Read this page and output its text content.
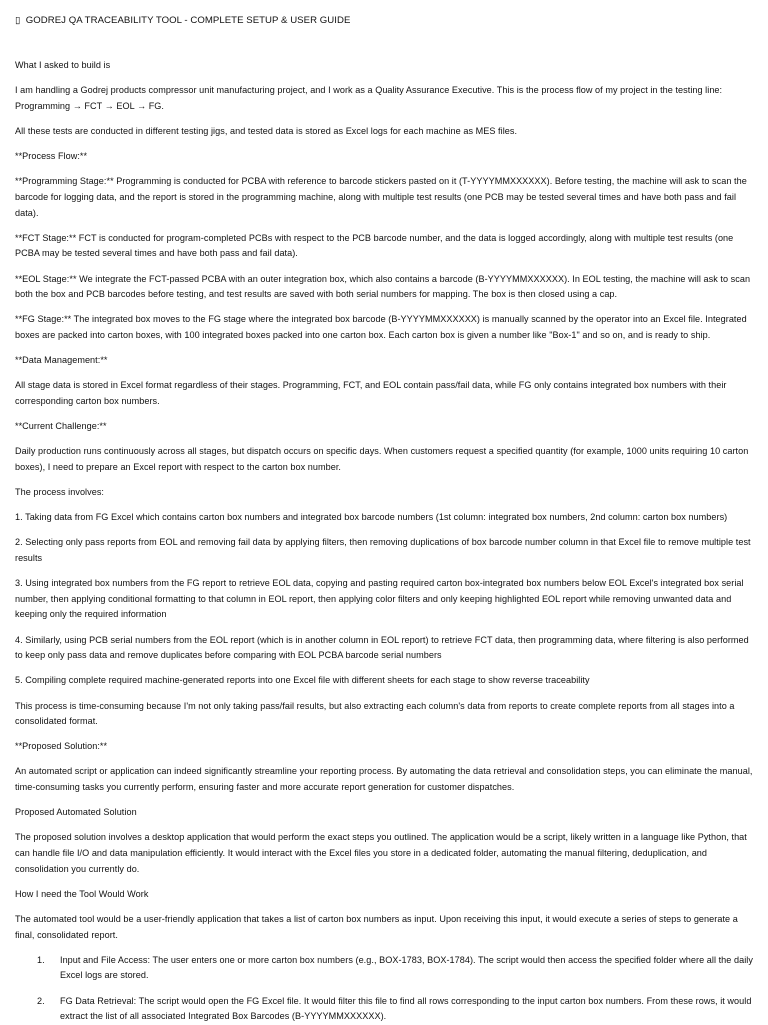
▯ GODREJ QA TRACEABILITY TOOL - COMPLETE SETUP & USER GUIDE

What I asked to build is

I am handling a Godrej products compressor unit manufacturing project, and I work as a Quality Assurance Executive. This is the process flow of my project in the testing line: Programming → FCT → EOL → FG.

All these tests are conducted in different testing jigs, and tested data is stored as Excel logs for each machine as MES files.

**Process Flow:**

**Programming Stage:** Programming is conducted for PCBA with reference to barcode stickers pasted on it (T-YYYYMMXXXXXX). Before testing, the machine will ask to scan the barcode for logging data, and the report is stored in the programming machine, along with multiple test results (one PCB may be tested several times and have both pass and fail data).

**FCT Stage:** FCT is conducted for program-completed PCBs with respect to the PCB barcode number, and the data is logged accordingly, along with multiple test results (one PCBA may be tested several times and have both pass and fail data).

**EOL Stage:** We integrate the FCT-passed PCBA with an outer integration box, which also contains a barcode (B-YYYYMMXXXXXX). In EOL testing, the machine will ask to scan both the box and PCB barcodes before testing, and test results are saved with both serial numbers for mapping. The box is then closed using a cap.

**FG Stage:** The integrated box moves to the FG stage where the integrated box barcode (B-YYYYMMXXXXXX) is manually scanned by the operator into an Excel file. Integrated boxes are packed into carton boxes, with 100 integrated boxes packed into one carton box. Each carton box is given a number like "Box-1" and so on, and is ready to ship.

**Data Management:**

All stage data is stored in Excel format regardless of their stages. Programming, FCT, and EOL contain pass/fail data, while FG only contains integrated box numbers with their corresponding carton box numbers.

**Current Challenge:**

Daily production runs continuously across all stages, but dispatch occurs on specific days. When customers request a specified quantity (for example, 1000 units requiring 10 carton boxes), I need to prepare an Excel report with respect to the carton box number.

The process involves:

1. Taking data from FG Excel which contains carton box numbers and integrated box barcode numbers (1st column: integrated box numbers, 2nd column: carton box numbers)

2. Selecting only pass reports from EOL and removing fail data by applying filters, then removing duplications of box barcode number column in that Excel file to remove multiple test results

3. Using integrated box numbers from the FG report to retrieve EOL data, copying and pasting required carton box-integrated box numbers below EOL Excel's integrated box serial number, then applying conditional formatting to that column in EOL report, then applying color filters and only keeping highlighted EOL report while removing unwanted data and keeping only the required information

4. Similarly, using PCB serial numbers from the EOL report (which is in another column in EOL report) to retrieve FCT data, then programming data, where filtering is also performed to keep only pass data and remove duplicates before comparing with EOL PCBA barcode serial numbers

5. Compiling complete required machine-generated reports into one Excel file with different sheets for each stage to show reverse traceability

This process is time-consuming because I'm not only taking pass/fail results, but also extracting each column's data from reports to create complete reports from all stages into a consolidated format.

**Proposed Solution:**

An automated script or application can indeed significantly streamline your reporting process. By automating the data retrieval and consolidation steps, you can eliminate the manual, time-consuming tasks you currently perform, ensuring faster and more accurate report generation for customer dispatches.

Proposed Automated Solution

The proposed solution involves a desktop application that would perform the exact steps you outlined. The application would be a script, likely written in a language like Python, that can handle file I/O and data manipulation efficiently. It would interact with the Excel files you store in a dedicated folder, automating the manual filtering, deduplication, and consolidation you currently do.

How I need the Tool Would Work

The automated tool would be a user-friendly application that takes a list of carton box numbers as input. Upon receiving this input, it would execute a series of steps to generate a final, consolidated report.

1.	Input and File Access: The user enters one or more carton box numbers (e.g., BOX-1783, BOX-1784). The script would then access the specified folder where all the daily Excel logs are stored.
2.	FG Data Retrieval: The script would open the FG Excel file. It would filter this file to find all rows corresponding to the input carton box numbers. From these rows, it would extract the list of all associated Integrated Box Barcodes (B-YYYYMMXXXXXX).
